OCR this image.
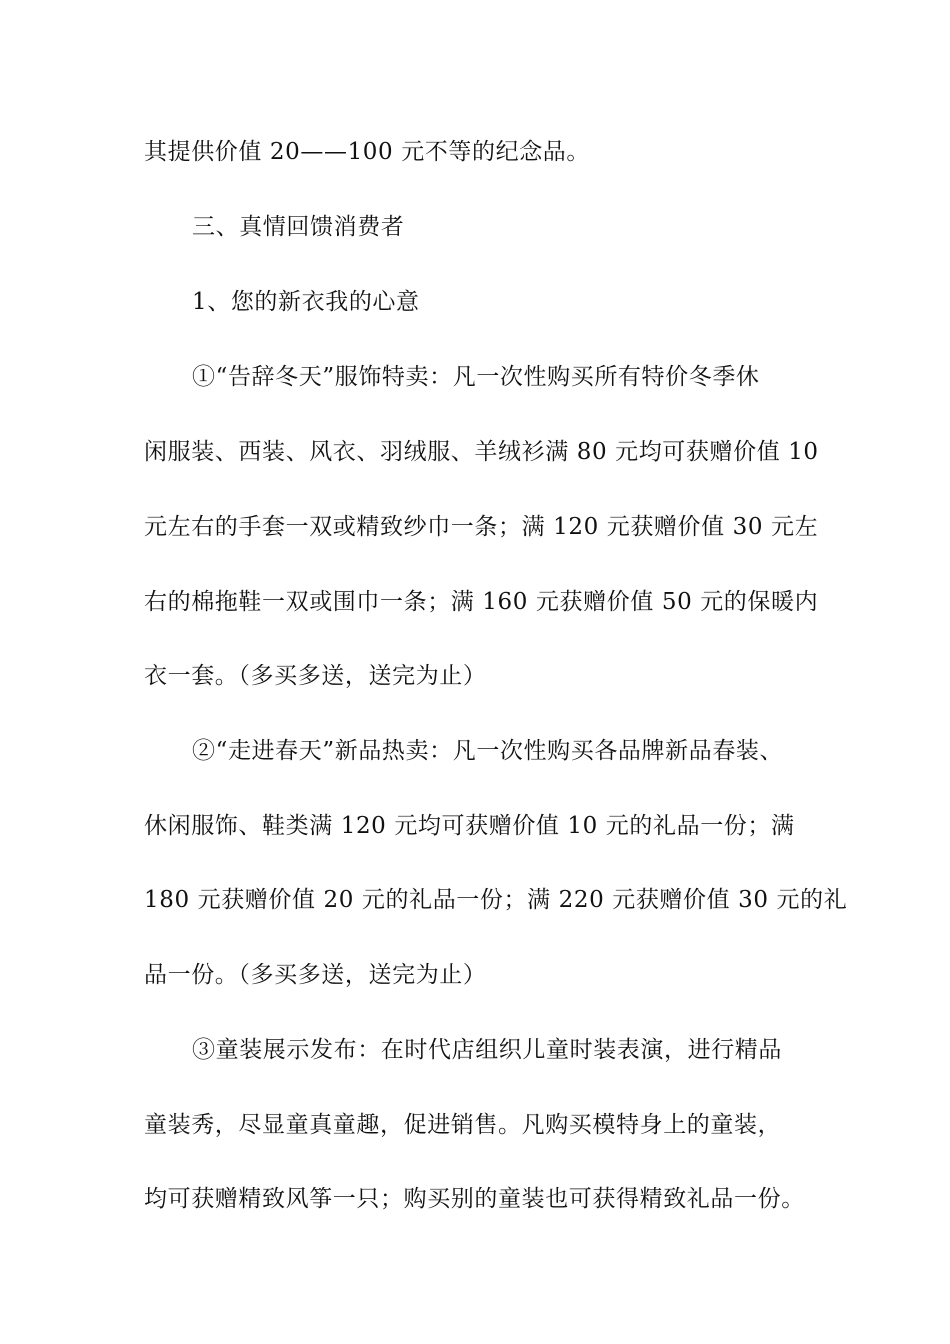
其提供价值 20——100 元不等的纪念品。
三、真情回馈消费者
1、您的新衣我的心意
①“告辞冬天”服饰特卖：凡一次性购买所有特价冬季休
闲服装、西装、风衣、羽绒服、羊绒衫满 80 元均可获赠价值 10
元左右的手套一双或精致纱巾一条；满 120 元获赠价值 30 元左
右的棉拖鞋一双或围巾一条；满 160 元获赠价值 50 元的保暖内
衣一套。（多买多送，送完为止）
②“走进春天”新品热卖：凡一次性购买各品牌新品春装、
休闲服饰、鞋类满 120 元均可获赠价值 10 元的礼品一份；满
180 元获赠价值 20 元的礼品一份；满 220 元获赠价值 30 元的礼
品一份。（多买多送，送完为止）
③童装展示发布：在时代店组织儿童时装表演，进行精品
童装秀，尽显童真童趣，促进销售。凡购买模特身上的童装，
均可获赠精致风筝一只；购买别的童装也可获得精致礼品一份。
